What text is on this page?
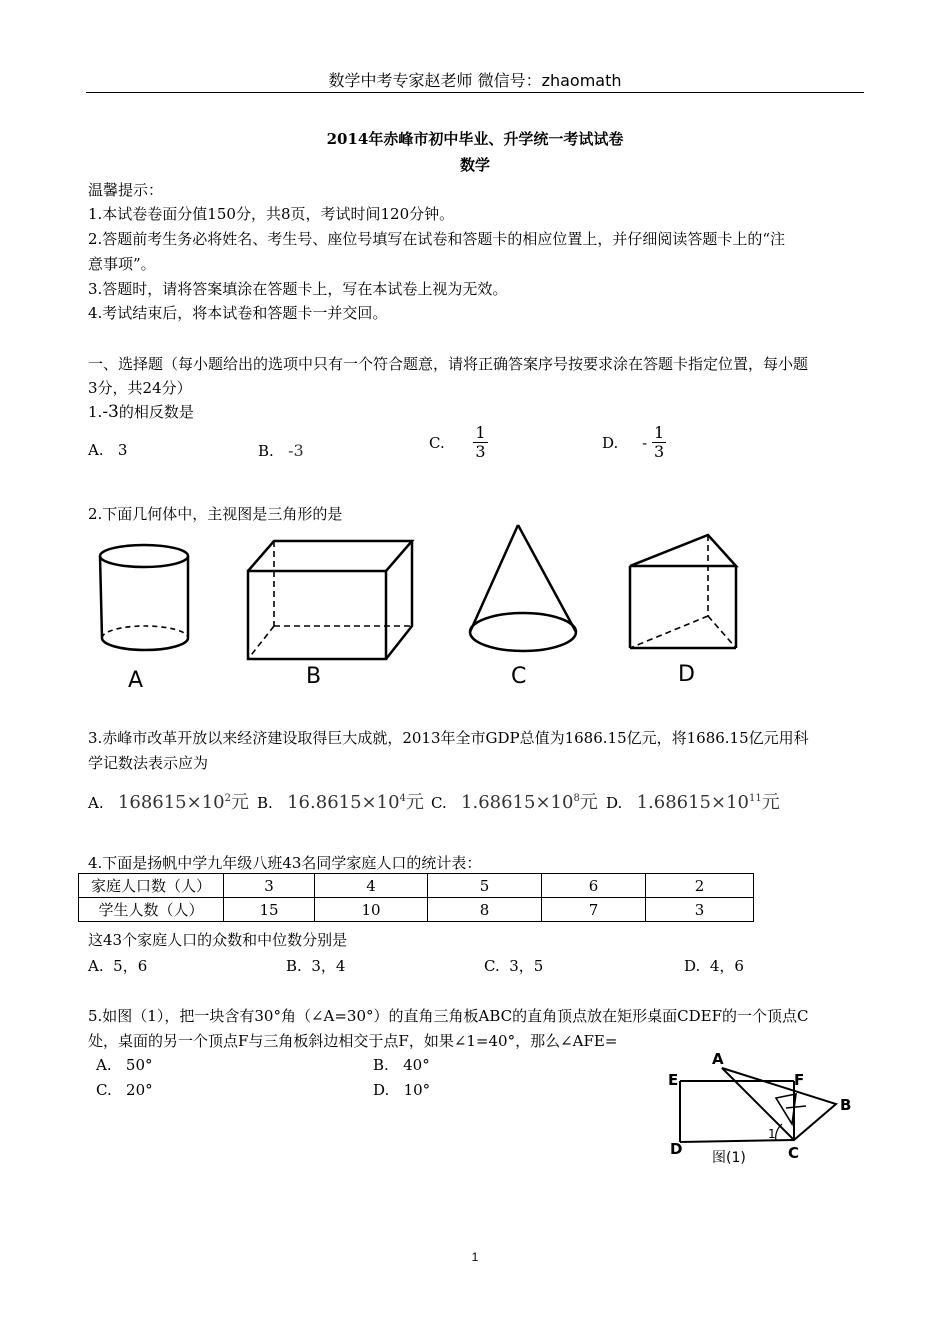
数学中考专家赵老师 微信号：zhaomath
2014年赤峰市初中毕业、升学统一考试试卷
数学
温馨提示：
1.本试卷卷面分值150分，共8页，考试时间120分钟。
2.答题前考生务必将姓名、考生号、座位号填写在试卷和答题卡的相应位置上，并仔细阅读答题卡上的“注
意事项”。
3.答题时，请将答案填涂在答题卡上，写在本试卷上视为无效。
4.考试结束后，将本试卷和答题卡一并交回。
一、选择题（每小题给出的选项中只有一个符合题意，请将正确答案序号按要求涂在答题卡指定位置，每小题
3分，共24分）
1.-3的相反数是
A. 3	B. -3	C. $\frac{1}{3}$	D. - $\frac{1}{3}$
2.下面几何体中，主视图是三角形的是
A	B	C	D
3.赤峰市改革开放以来经济建设取得巨大成就，2013年全市GDP总值为1686.15亿元，将1686.15亿元用科
学记数法表示应为
A. $168615\times 10^2$元 B. $16.8615\times 10^4$元 C. $1.68615\times 10^8$元 D. $1.68615\times 10^{11}$元
4.下面是扬帆中学九年级八班43名同学家庭人口的统计表：
家庭人口数（人）	3	4	5	6	2
学生人数（人）	15	10	8	7	3
这43个家庭人口的众数和中位数分别是
A. 5，6	B. 3，4	C. 3，5	D. 4，6
5.如图（1），把一块含有30°角（∠A=30°）的直角三角板ABC的直角顶点放在矩形桌面CDEF的一个顶点C
处，桌面的另一个顶点F与三角板斜边相交于点F，如果∠1=40°，那么∠AFE=
A. 50°	B. 40°
C. 20°	D. 10°
A
B
C
D
E	F
1
图(1)
1
